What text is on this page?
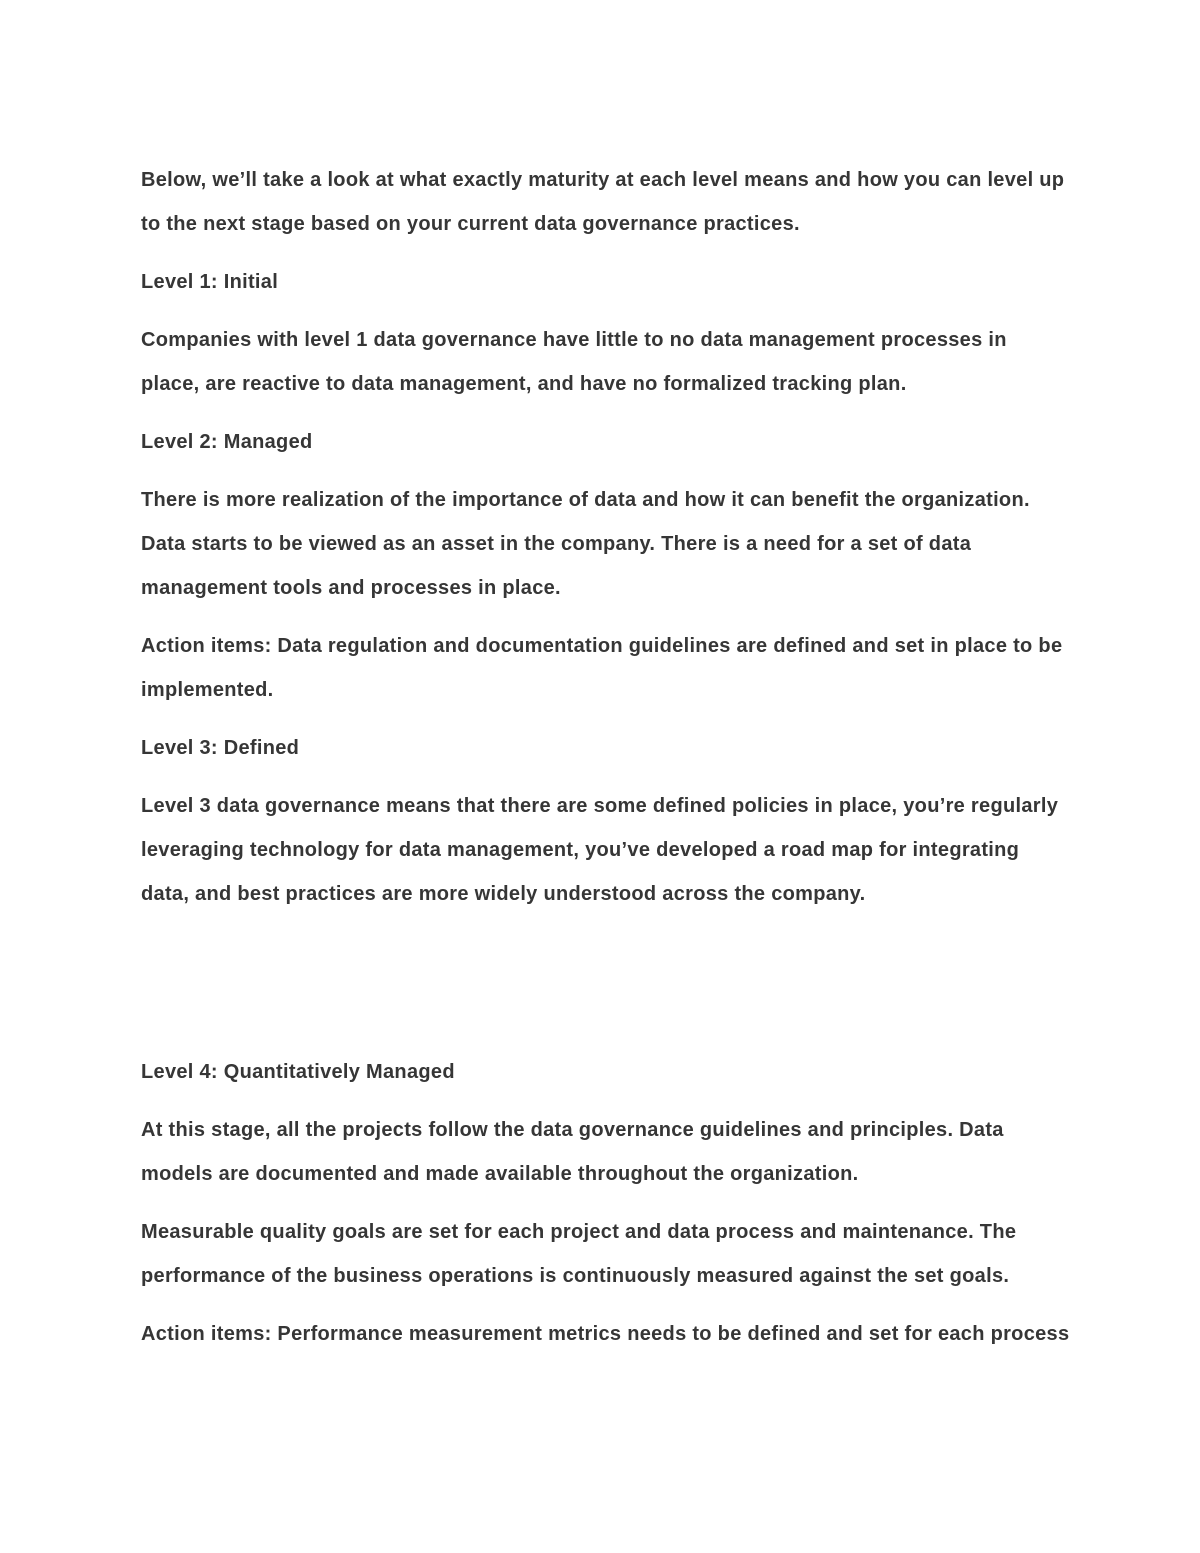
Below, we’ll take a look at what exactly maturity at each level means and how you can level up to the next stage based on your current data governance practices.

Level 1: Initial

Companies with level 1 data governance have little to no data management processes in place, are reactive to data management, and have no formalized tracking plan.

Level 2: Managed

There is more realization of the importance of data and how it can benefit the organization. Data starts to be viewed as an asset in the company. There is a need for a set of data management tools and processes in place.

Action items: Data regulation and documentation guidelines are defined and set in place to be implemented.

Level 3: Defined

Level 3 data governance means that there are some defined policies in place, you’re regularly leveraging technology for data management, you’ve developed a road map for integrating data, and best practices are more widely understood across the company.

Level 4: Quantitatively Managed

At this stage, all the projects follow the data governance guidelines and principles. Data models are documented and made available throughout the organization.

Measurable quality goals are set for each project and data process and maintenance. The performance of the business operations is continuously measured against the set goals.

Action items: Performance measurement metrics needs to be defined and set for each process
